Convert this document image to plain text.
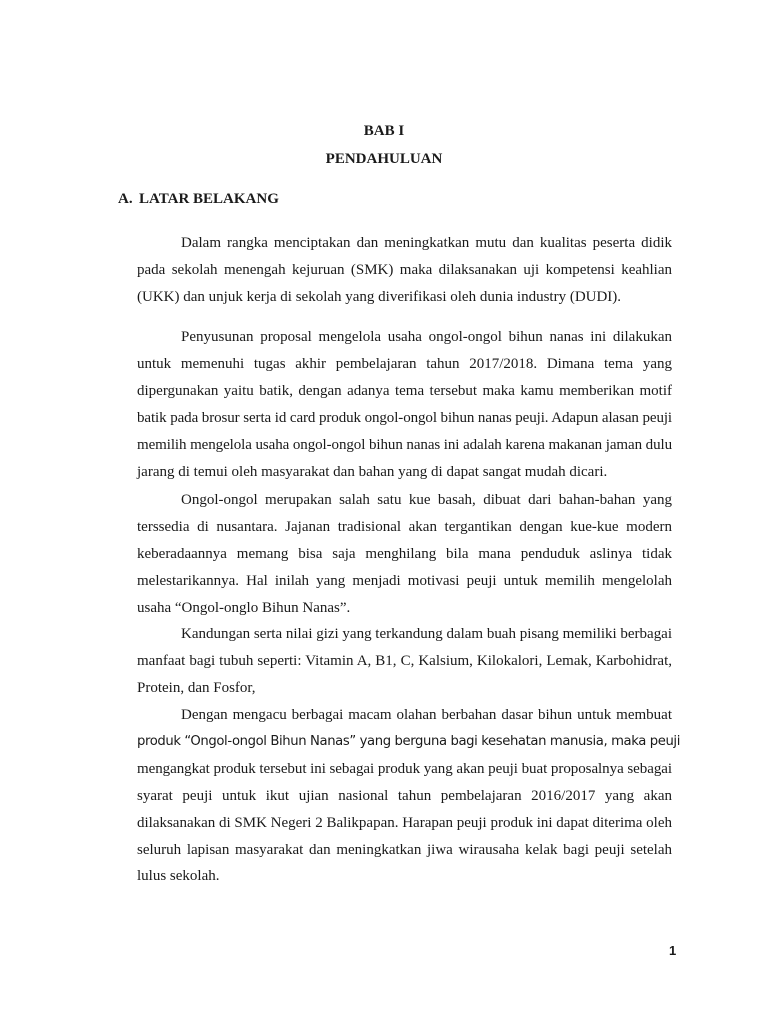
BAB I
PENDAHULUAN
A. LATAR BELAKANG
Dalam rangka menciptakan dan meningkatkan mutu dan kualitas peserta didik
pada sekolah menengah kejuruan (SMK) maka dilaksanakan uji kompetensi keahlian
(UKK) dan unjuk kerja di sekolah yang diverifikasi oleh dunia industry (DUDI).
Penyusunan proposal mengelola usaha ongol-ongol bihun nanas ini dilakukan
untuk memenuhi tugas akhir pembelajaran tahun 2017/2018. Dimana tema yang
dipergunakan yaitu batik, dengan adanya tema tersebut maka kamu memberikan motif
batik pada brosur serta id card produk ongol-ongol bihun nanas peuji. Adapun alasan peuji
memilih mengelola usaha ongol-ongol bihun nanas ini adalah karena makanan jaman dulu
jarang di temui oleh masyarakat dan bahan yang di dapat sangat mudah dicari.
Ongol-ongol merupakan salah satu kue basah, dibuat dari bahan-bahan yang
terssedia di nusantara. Jajanan tradisional akan tergantikan dengan kue-kue modern
keberadaannya memang bisa saja menghilang bila mana penduduk aslinya tidak
melestarikannya. Hal inilah yang menjadi motivasi peuji untuk memilih mengelolah
usaha “Ongol-onglo Bihun Nanas”.
Kandungan serta nilai gizi yang terkandung dalam buah pisang memiliki berbagai
manfaat bagi tubuh seperti: Vitamin A, B1, C, Kalsium, Kilokalori, Lemak, Karbohidrat,
Protein, dan Fosfor,
Dengan mengacu berbagai macam olahan berbahan dasar bihun untuk membuat
produk “Ongol-ongol Bihun Nanas” yang berguna bagi kesehatan manusia, maka peuji
mengangkat produk tersebut ini sebagai produk yang akan peuji buat proposalnya sebagai
syarat peuji untuk ikut ujian nasional tahun pembelajaran 2016/2017 yang akan
dilaksanakan di SMK Negeri 2 Balikpapan. Harapan peuji produk ini dapat diterima oleh
seluruh lapisan masyarakat dan meningkatkan jiwa wirausaha kelak bagi peuji setelah
lulus sekolah.
1
